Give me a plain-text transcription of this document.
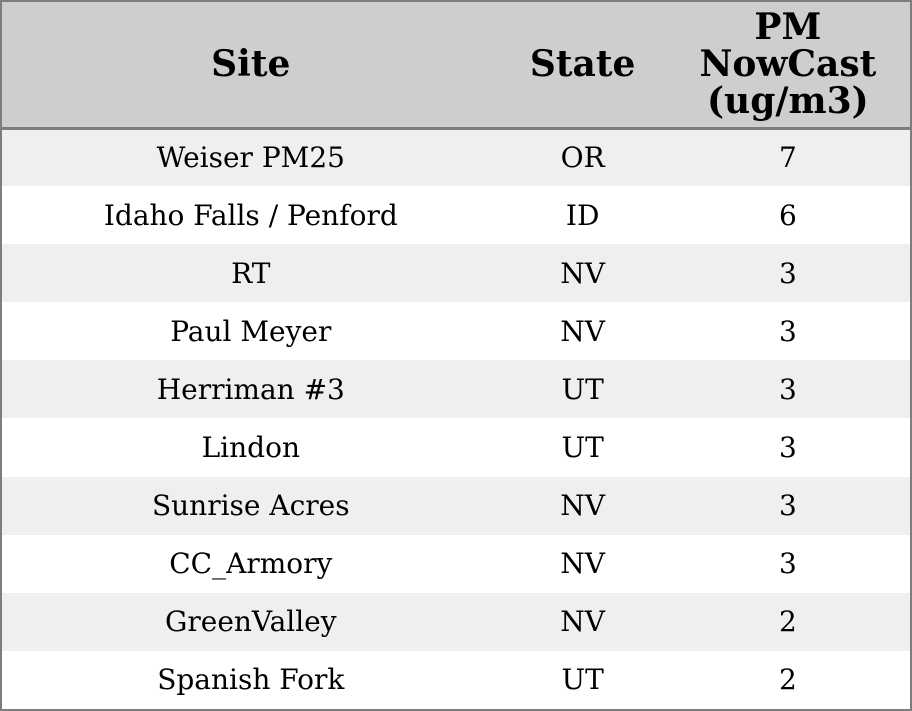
Site	State	PM NowCast (ug/m3)

Weiser PM25	OR	7
Idaho Falls / Penford	ID	6
RT	NV	3
Paul Meyer	NV	3
Herriman #3	UT	3
Lindon	UT	3
Sunrise Acres	NV	3
CC_Armory	NV	3
GreenValley	NV	2
Spanish Fork	UT	2
